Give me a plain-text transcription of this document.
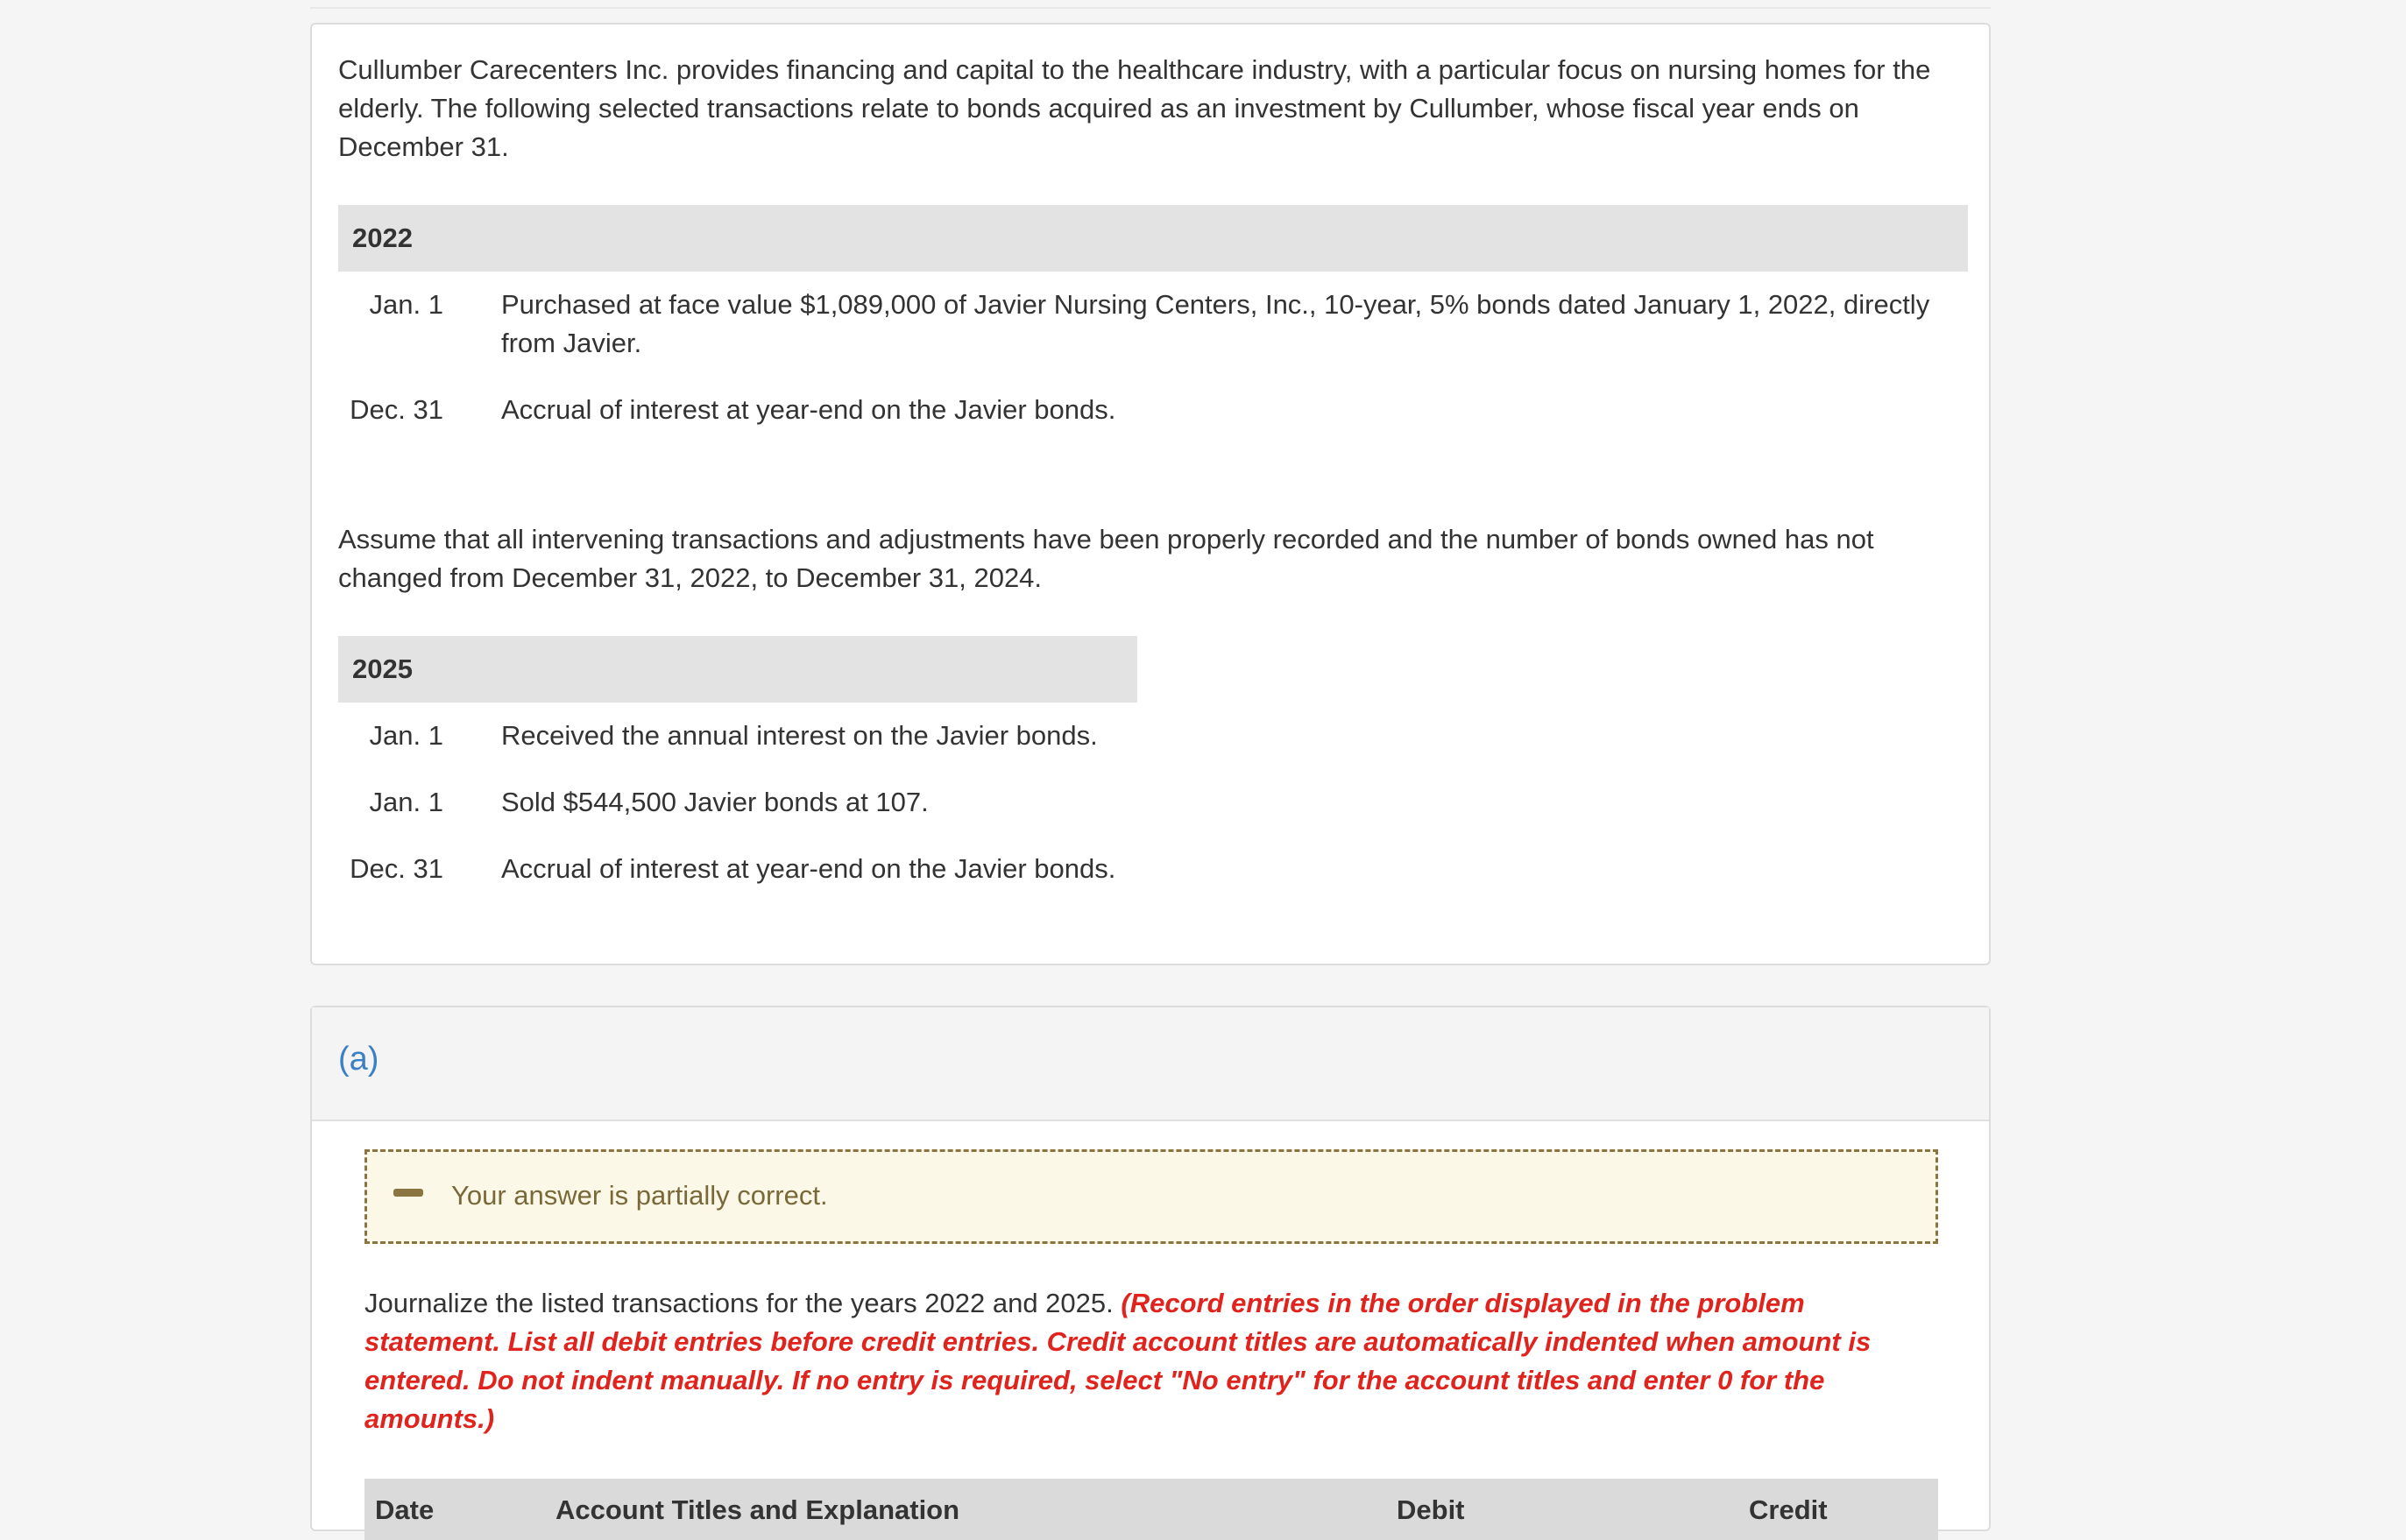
Cullumber Carecenters Inc. provides financing and capital to the healthcare industry, with a particular focus on nursing homes for the elderly. The following selected transactions relate to bonds acquired as an investment by Cullumber, whose fiscal year ends on December 31.

2022
Jan. 1 Purchased at face value $1,089,000 of Javier Nursing Centers, Inc., 10-year, 5% bonds dated January 1, 2022, directly from Javier.
Dec. 31 Accrual of interest at year-end on the Javier bonds.

Assume that all intervening transactions and adjustments have been properly recorded and the number of bonds owned has not changed from December 31, 2022, to December 31, 2024.

2025
Jan. 1 Received the annual interest on the Javier bonds.
Jan. 1 Sold $544,500 Javier bonds at 107.
Dec. 31 Accrual of interest at year-end on the Javier bonds.
(a)
Your answer is partially correct.

Journalize the listed transactions for the years 2022 and 2025. (Record entries in the order displayed in the problem statement. List all debit entries before credit entries. Credit account titles are automatically indented when amount is entered. Do not indent manually. If no entry is required, select "No entry" for the account titles and enter 0 for the amounts.)

Date	Account Titles and Explanation	Debit	Credit
